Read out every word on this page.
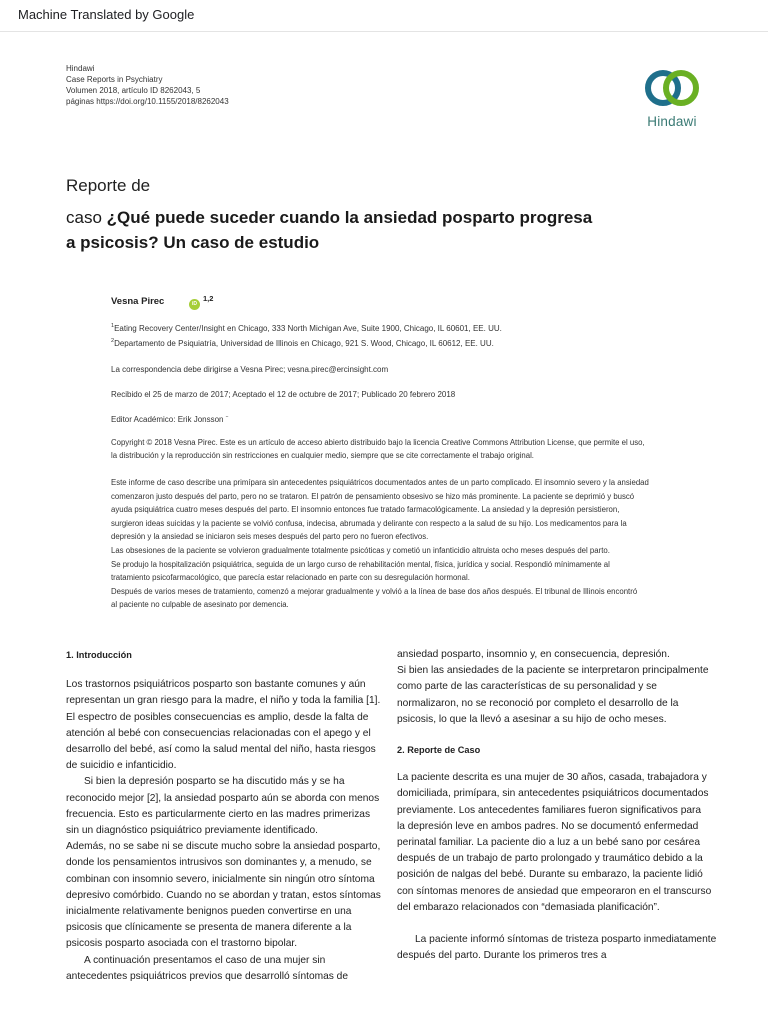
Machine Translated by Google
Hindawi
Case Reports in Psychiatry
Volumen 2018, artículo ID 8262043, 5
páginas https://doi.org/10.1155/2018/8262043
Hindawi
Reporte de
caso ¿Qué puede suceder cuando la ansiedad posparto progresa
a psicosis? Un caso de estudio
Vesna Pirec	iD
1,2
$^1$Eating Recovery Center/Insight en Chicago, 333 North Michigan Ave, Suite 1900, Chicago, IL 60601, EE. UU.
$^2$Departamento de Psiquiatría, Universidad de Illinois en Chicago, 921 S. Wood, Chicago, IL 60612, EE. UU.
La correspondencia debe dirigirse a Vesna Pirec; vesna.pirec@ercinsight.com
Recibido el 25 de marzo de 2017; Aceptado el 12 de octubre de 2017; Publicado 20 febrero 2018
Editor Académico: Erik Jonsson ¨
Copyright © 2018 Vesna Pirec. Este es un artículo de acceso abierto distribuido bajo la licencia Creative Commons Attribution License, que permite el uso,
la distribución y la reproducción sin restricciones en cualquier medio, siempre que se cite correctamente el trabajo original.
Este informe de caso describe una primípara sin antecedentes psiquiátricos documentados antes de un parto complicado. El insomnio severo y la ansiedad
comenzaron justo después del parto, pero no se trataron. El patrón de pensamiento obsesivo se hizo más prominente. La paciente se deprimió y buscó
ayuda psiquiátrica cuatro meses después del parto. El insomnio entonces fue tratado farmacológicamente. La ansiedad y la depresión persistieron,
surgieron ideas suicidas y la paciente se volvió confusa, indecisa, abrumada y delirante con respecto a la salud de su hijo. Los medicamentos para la
depresión y la ansiedad se iniciaron seis meses después del parto pero no fueron efectivos.
Las obsesiones de la paciente se volvieron gradualmente totalmente psicóticas y cometió un infanticidio altruista ocho meses después del parto.
Se produjo la hospitalización psiquiátrica, seguida de un largo curso de rehabilitación mental, física, jurídica y social. Respondió mínimamente al
tratamiento psicofarmacológico, que parecía estar relacionado en parte con su desregulación hormonal.
Después de varios meses de tratamiento, comenzó a mejorar gradualmente y volvió a la línea de base dos años después. El tribunal de Illinois encontró
al paciente no culpable de asesinato por demencia.
1. Introducción

Los trastornos psiquiátricos posparto son bastante comunes y aún

representan un gran riesgo para la madre, el niño y toda la familia [1].

El espectro de posibles consecuencias es amplio, desde la falta de

atención al bebé con consecuencias relacionadas con el apego y el

desarrollo del bebé, así como la salud mental del niño, hasta riesgos

de suicidio e infanticidio.

Si bien la depresión posparto se ha discutido más y se ha

reconocido mejor [2], la ansiedad posparto aún se aborda con menos

frecuencia. Esto es particularmente cierto en las madres primerizas

sin un diagnóstico psiquiátrico previamente identificado.

Además, no se sabe ni se discute mucho sobre la ansiedad posparto,

donde los pensamientos intrusivos son dominantes y, a menudo, se

combinan con insomnio severo, inicialmente sin ningún otro síntoma

depresivo comórbido. Cuando no se abordan y tratan, estos síntomas

inicialmente relativamente benignos pueden convertirse en una

psicosis que clínicamente se presenta de manera diferente a la

psicosis posparto asociada con el trastorno bipolar.

A continuación presentamos el caso de una mujer sin

antecedentes psiquiátricos previos que desarrolló síntomas de

ansiedad posparto, insomnio y, en consecuencia, depresión.

Si bien las ansiedades de la paciente se interpretaron principalmente

como parte de las características de su personalidad y se

normalizaron, no se reconoció por completo el desarrollo de la

psicosis, lo que la llevó a asesinar a su hijo de ocho meses.

2. Reporte de Caso

La paciente descrita es una mujer de 30 años, casada, trabajadora y

domiciliada, primípara, sin antecedentes psiquiátricos documentados

previamente. Los antecedentes familiares fueron significativos para

la depresión leve en ambos padres. No se documentó enfermedad

perinatal familiar. La paciente dio a luz a un bebé sano por cesárea

después de un trabajo de parto prolongado y traumático debido a la

posición de nalgas del bebé. Durante su embarazo, la paciente lidió

con síntomas menores de ansiedad que empeoraron en el transcurso

del embarazo relacionados con “demasiada planificación”.

La paciente informó síntomas de tristeza posparto inmediatamente

después del parto. Durante los primeros tres a
